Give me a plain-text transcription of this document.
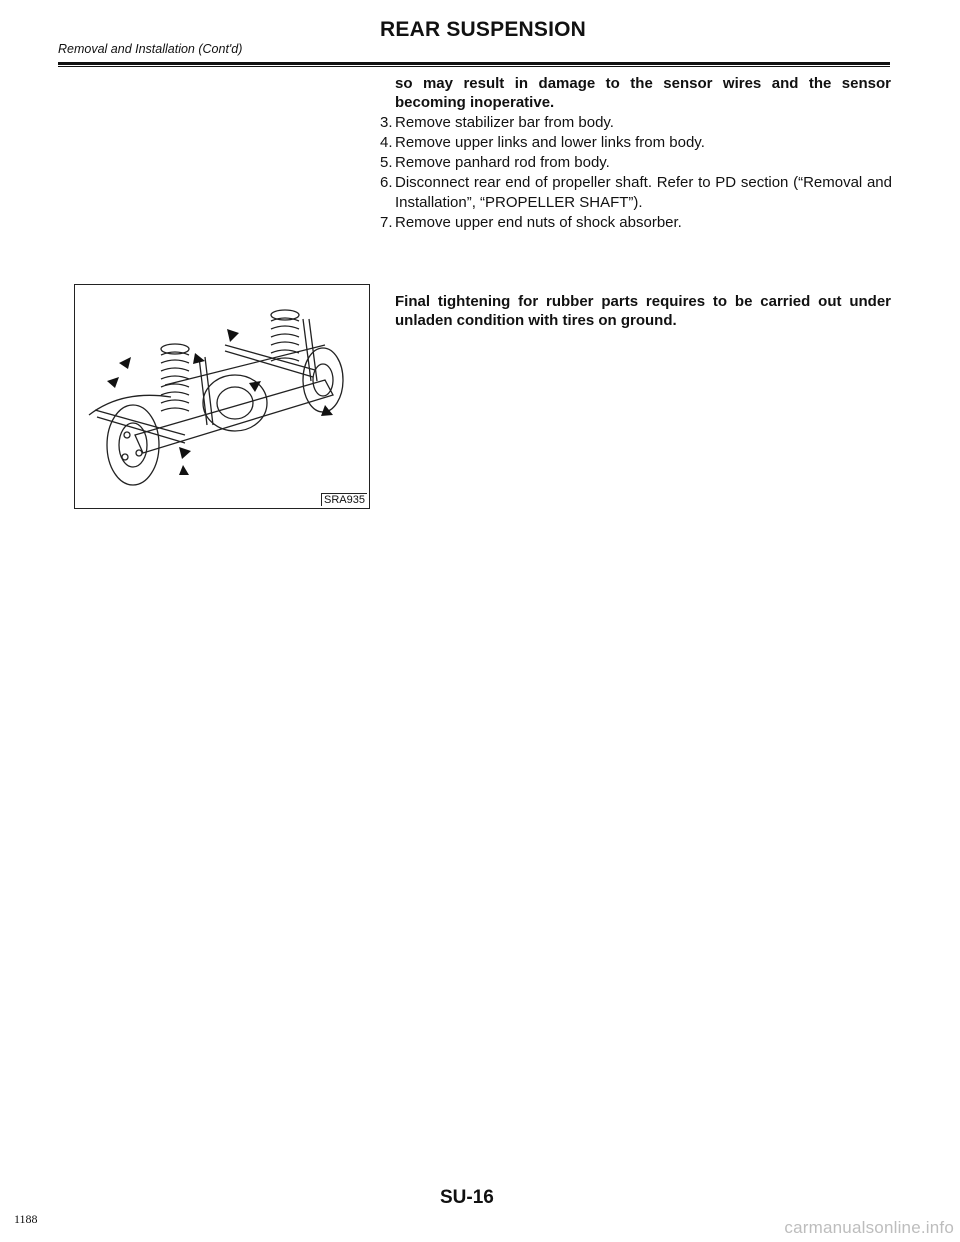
REAR SUSPENSION
Removal and Installation (Cont'd)
so may result in damage to the sensor wires and the sensor becoming inoperative.
3. Remove stabilizer bar from body.
4. Remove upper links and lower links from body.
5. Remove panhard rod from body.
6. Disconnect rear end of propeller shaft. Refer to PD section (“Removal and Installation”, “PROPELLER SHAFT”).
7. Remove upper end nuts of shock absorber.
Final tightening for rubber parts requires to be carried out under unladen condition with tires on ground.
SRA935
SU-16
1188	carmanualsonline.info
